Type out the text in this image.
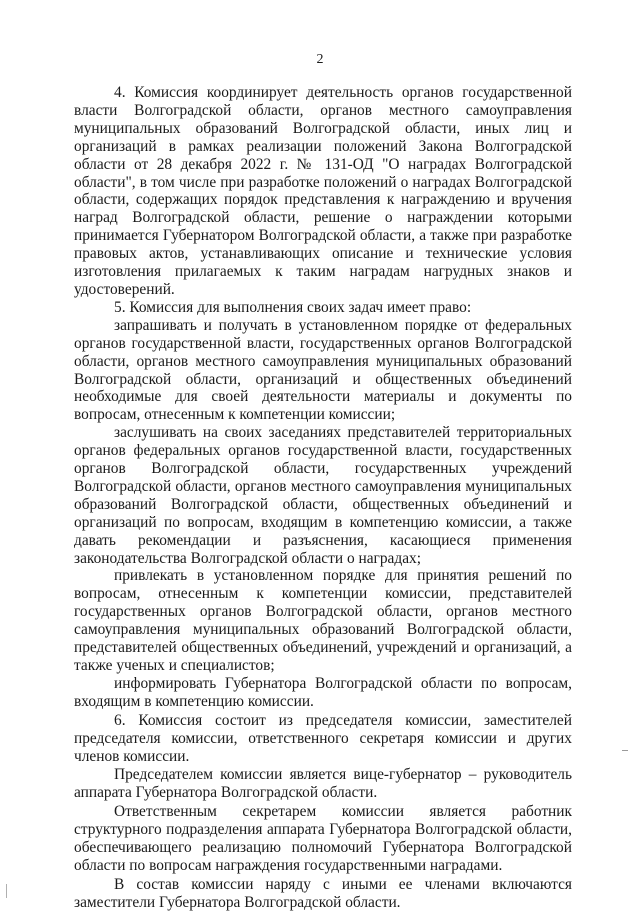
2

4. Комиссия координирует деятельность органов государственной власти Волгоградской области, органов местного самоуправления муниципальных образований Волгоградской области, иных лиц и организаций в рамках реализации положений Закона Волгоградской области от 28 декабря 2022 г. № 131-ОД "О наградах Волгоградской области", в том числе при разработке положений о наградах Волгоградской области, содержащих порядок представления к награждению и вручения наград Волгоградской области, решение о награждении которыми принимается Губернатором Волгоградской области, а также при разработке правовых актов, устанавливающих описание и технические условия изготовления прилагаемых к таким наградам нагрудных знаков и удостоверений.

5. Комиссия для выполнения своих задач имеет право:

запрашивать и получать в установленном порядке от федеральных органов государственной власти, государственных органов Волгоградской области, органов местного самоуправления муниципальных образований Волгоградской области, организаций и общественных объединений необходимые для своей деятельности материалы и документы по вопросам, отнесенным к компетенции комиссии;

заслушивать на своих заседаниях представителей территориальных органов федеральных органов государственной власти, государственных органов Волгоградской области, государственных учреждений Волгоградской области, органов местного самоуправления муниципальных образований Волгоградской области, общественных объединений и организаций по вопросам, входящим в компетенцию комиссии, а также давать рекомендации и разъяснения, касающиеся применения законодательства Волгоградской области о наградах;

привлекать в установленном порядке для принятия решений по вопросам, отнесенным к компетенции комиссии, представителей государственных органов Волгоградской области, органов местного самоуправления муниципальных образований Волгоградской области, представителей общественных объединений, учреждений и организаций, а также ученых и специалистов;

информировать Губернатора Волгоградской области по вопросам, входящим в компетенцию комиссии.

6. Комиссия состоит из председателя комиссии, заместителей председателя комиссии, ответственного секретаря комиссии и других членов комиссии.

Председателем комиссии является вице-губернатор – руководитель аппарата Губернатора Волгоградской области.

Ответственным секретарем комиссии является работник структурного подразделения аппарата Губернатора Волгоградской области, обеспечивающего реализацию полномочий Губернатора Волгоградской области по вопросам награждения государственными наградами.

В состав комиссии наряду с иными ее членами включаются заместители Губернатора Волгоградской области.
